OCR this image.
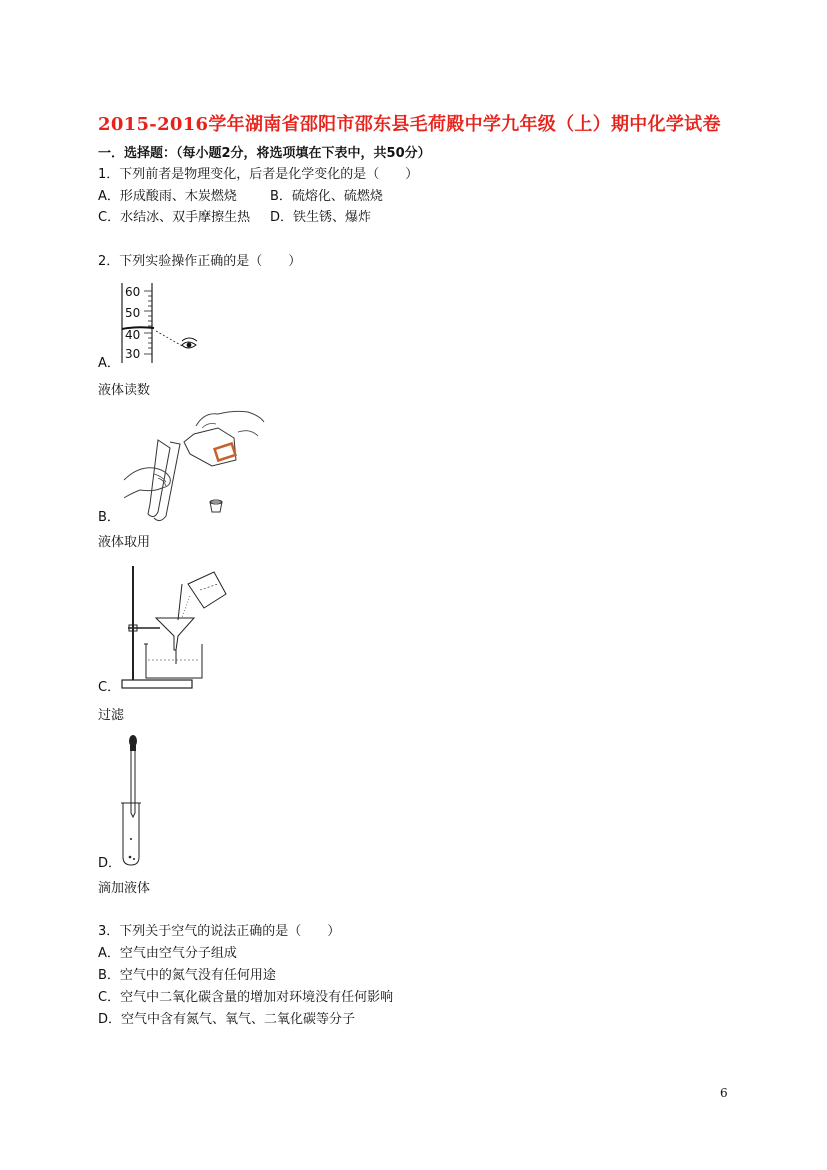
2015-2016学年湖南省邵阳市邵东县毛荷殿中学九年级（上）期中化学试卷
一．选择题：（每小题2分，将选项填在下表中，共50分）
1．下列前者是物理变化，后者是化学变化的是（　　）
A．形成酸雨、木炭燃烧	B．硫熔化、硫燃烧
C．水结冰、双手摩擦生热 D．铁生锈、爆炸
2．下列实验操作正确的是（　　）
60
50
40
30
A．
液体读数
B．
液体取用
C．
过滤
D．
滴加液体
3．下列关于空气的说法正确的是（　　）
A．空气由空气分子组成
B．空气中的氮气没有任何用途
C．空气中二氧化碳含量的增加对环境没有任何影响
D．空气中含有氮气、氧气、二氧化碳等分子
6
